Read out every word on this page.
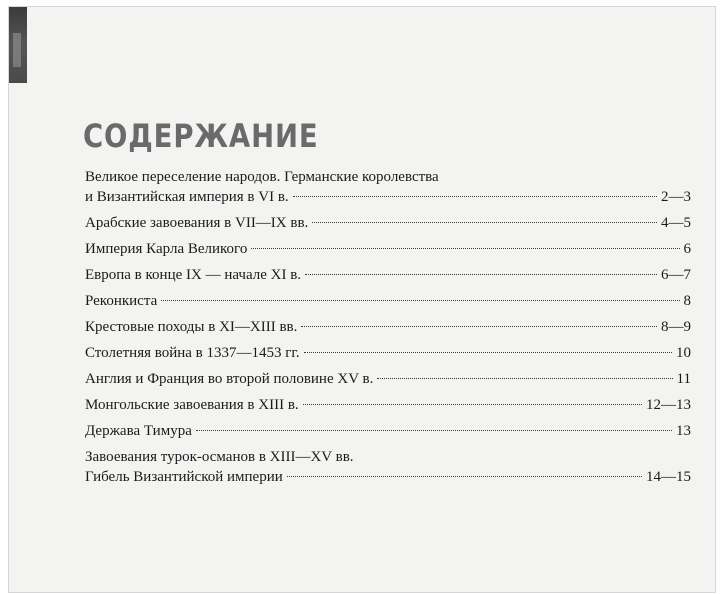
СОДЕРЖАНИЕ
Великое переселение народов. Германские королевства
и Византийская империя в VI в.	2—3
Арабские завоевания в VII—IX вв.	4—5
Империя Карла Великого	6
Европа в конце IX — начале XI в.	6—7
Реконкиста	8
Крестовые походы в XI—XIII вв.	8—9
Столетняя война в 1337—1453 гг.	10
Англия и Франция во второй половине XV в.	11
Монгольские завоевания в XIII в.	12—13
Держава Тимура	13
Завоевания турок-османов в XIII—XV вв.
Гибель Византийской империи	14—15
